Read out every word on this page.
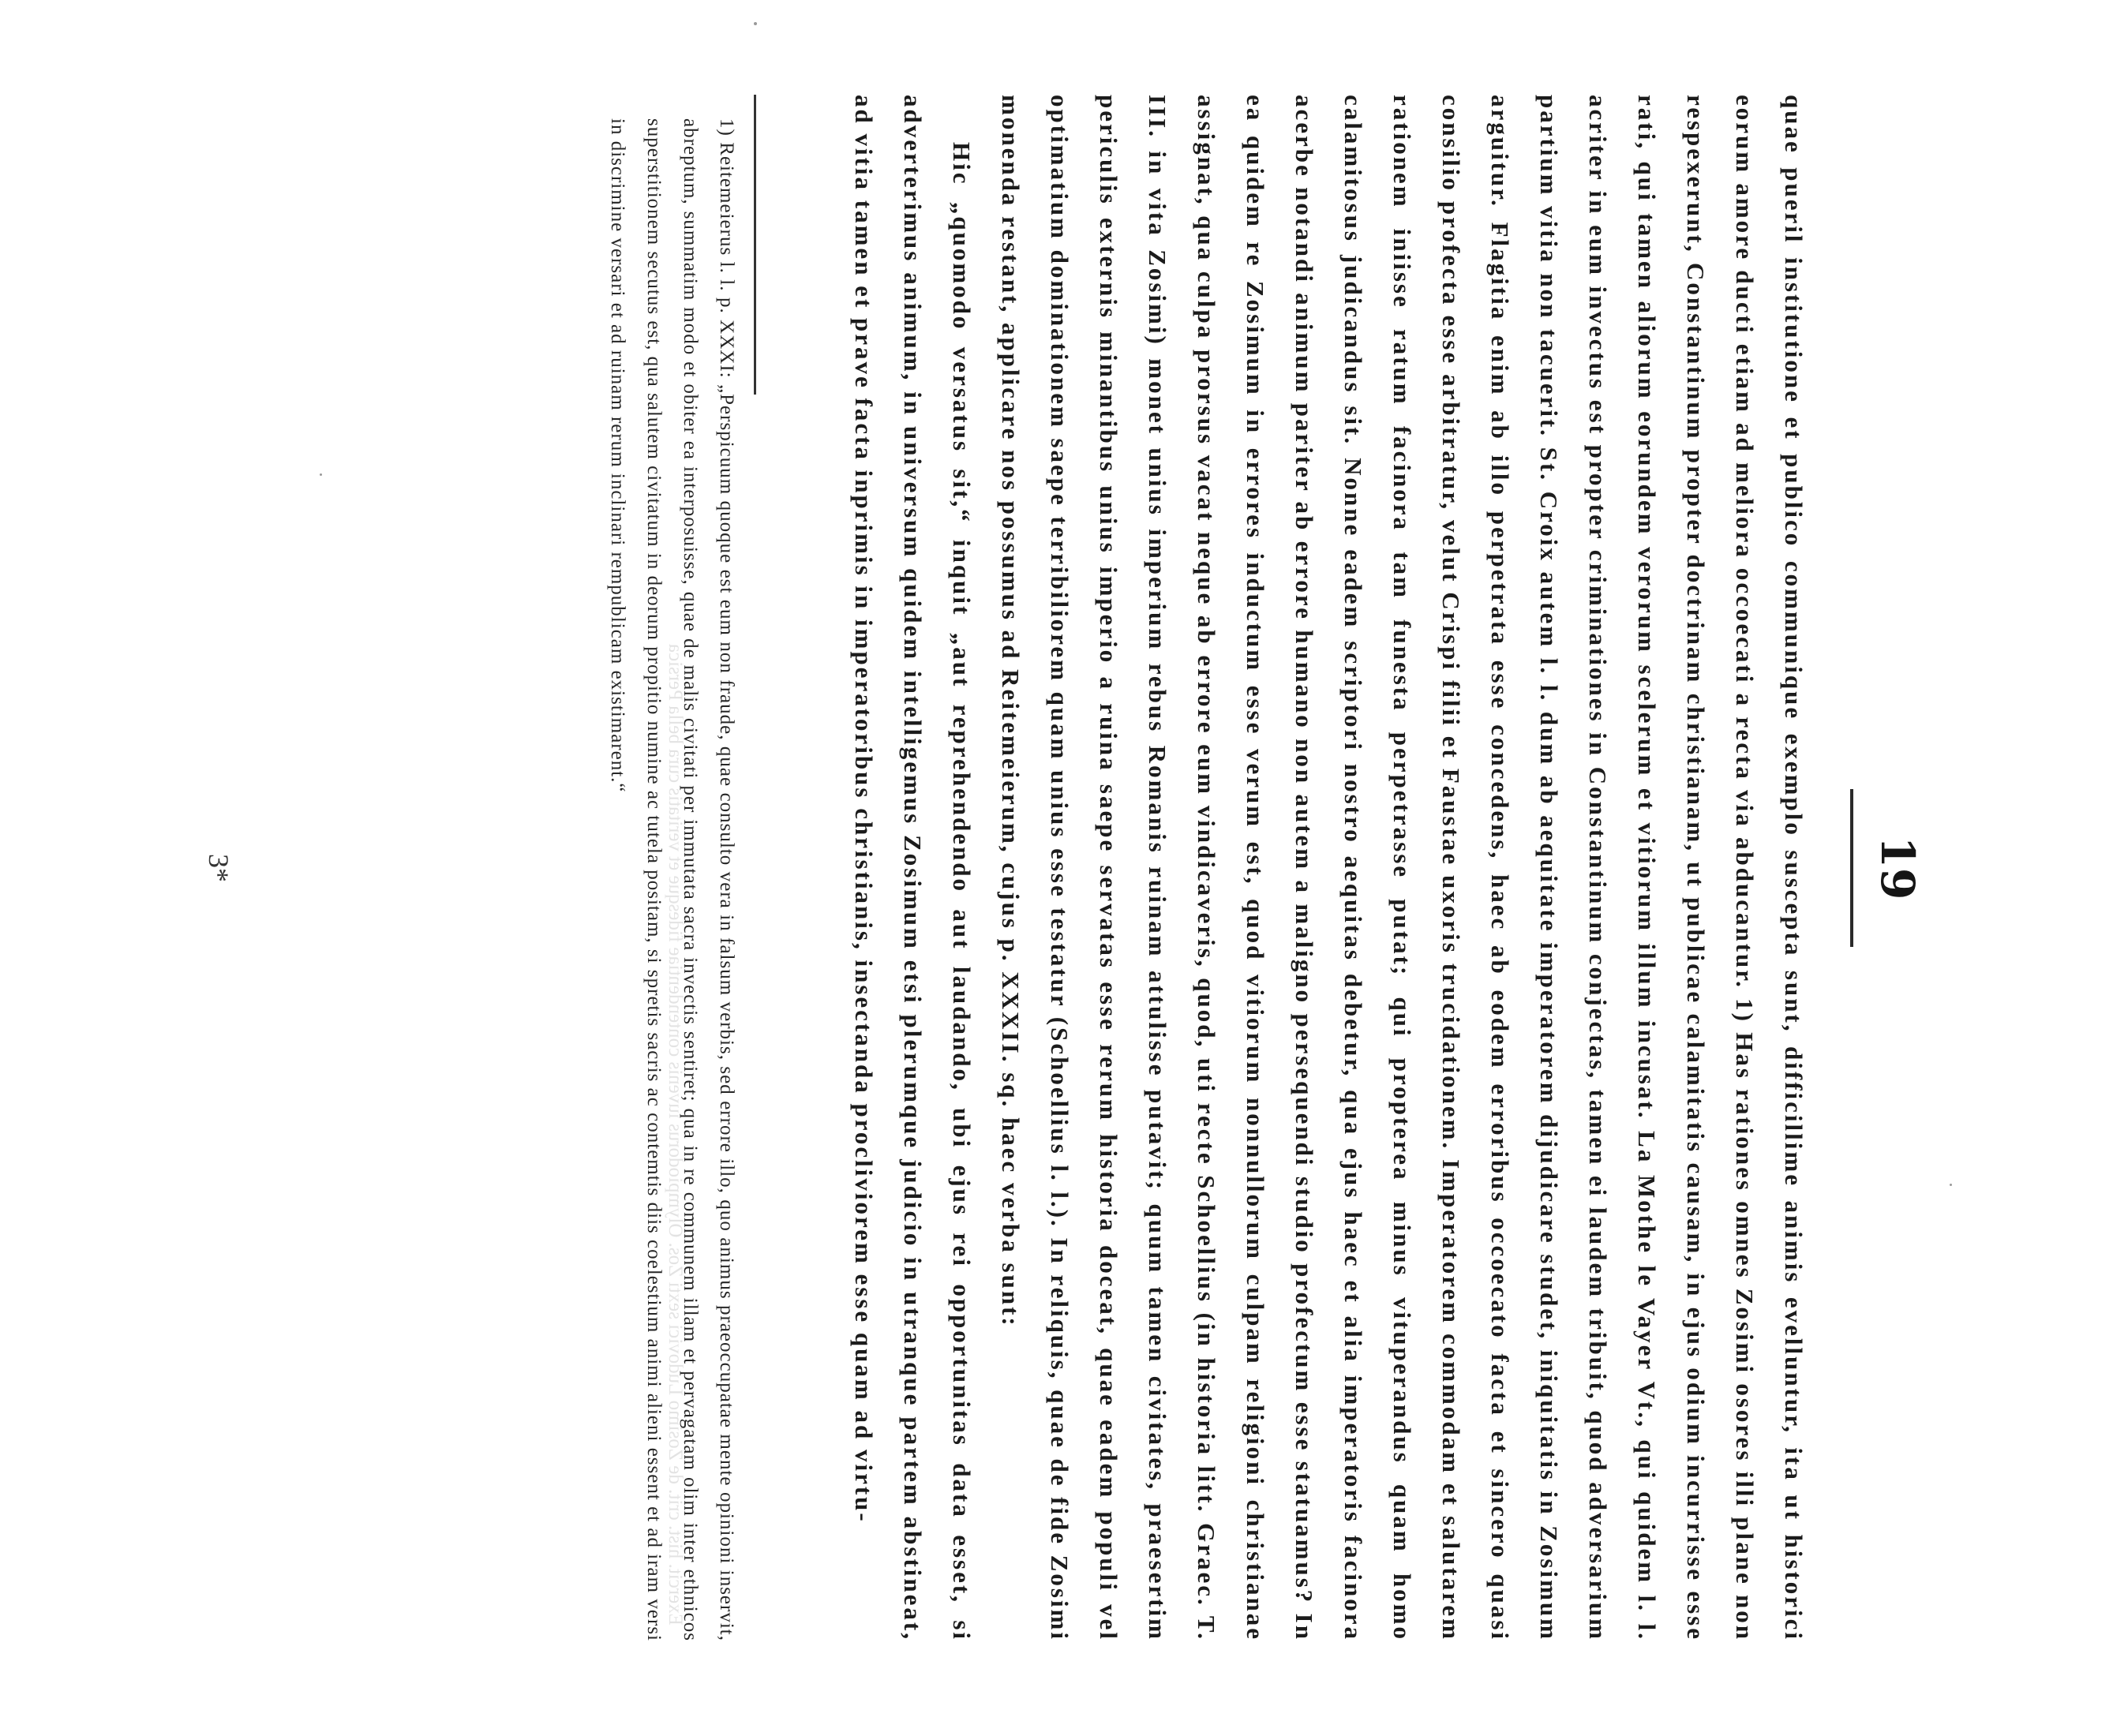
Exercit. hist. crit. de Zosimo Ludovici sexti Zos. Olympiodorus iuvenis contendentiae fidesque et veritatis cura bella Persica	19

quae pueril institutione et publico communique exemplo suscepta sunt, difficillime animis evelluntur, ita ut historici eorum amore ducti etiam ad meliora occoecati a recta via abducantur. 1) Has rationes omnes Zosimi osores illi plane non respexerunt, Constantinum propter doctrinam christianam, ut publicae calamitatis causam, in ejus odium incurrisse esse rati, qui tamen aliorum eorundem verorum scelerum et vitiorum illum incusat. La Mothe le Vayer Vt., qui quidem l. l. acriter in eum invectus est propter criminationes in Constantinum conjectas, tamen ei laudem tribuit, quod adversarium partium vitia non tacuerit. St. Croix autem l. l. dum ab aequitate imperatorem dijudicare studet, iniquitatis in Zosimum arguitur. Flagitia enim ab illo perpetrata esse concedens, haec ab eodem erroribus occoecato facta et sincero quasi consilio profecta esse arbitratur, velut Crispi filii et Faustae uxoris trucidationem. Imperatorem commodam et salutarem rationem iniisse ratum facinora tam funesta perpetrasse putat; qui propterea minus vituperandus quam homo calamitosus judicandus sit. Nonne eadem scriptori nostro aequitas debetur, qua ejus haec et alia imperatoris facinora acerbe notandi animum pariter ab errore humano non autem a maligno persequendi studio profectum esse statuamus? In ea quidem re Zosimum in errores inductum esse verum est, quod vitiorum nonnullorum culpam religioni christianae assignat, qua culpa prorsus vacat neque ab errore eum vindicaveris, quod, uti recte Schoellius (in historia litt. Graec. T. III. in vita Zosimi) monet unius imperium rebus Romanis ruinam attulisse putavit; quum tamen civitates, praesertim periculis externis minantibus unius imperio a ruina saepe servatas esse rerum historia doceat, quae eadem populi vel optimatium dominationem saepe terribiliorem quam unius esse testatur (Schoellius l. l.). In reliquis, quae de fide Zosimi monenda restant, applicare nos possumus ad Reitemeierum, cujus p. XXXII. sq. haec verba sunt:

Hic „quomodo versatus sit,“ inquit „aut reprehendendo aut laudando, ubi ejus rei opportunitas data esset, si adverterimus animum, in universum quidem intelligemus Zosimum etsi plerumque judicio in utranque partem abstineat, ad vitia tamen et prave facta inprimis in imperatoribus christianis, insectanda procliviorem esse quam ad virtu-

1) Reitemeierus l. l. p. XXXI: „Perspicuum quoque est eum non fraude, quae consulto vera in falsum verbis, sed errore illo, quo animus praeoccupatae mente opinioni inservit, abreptum, summatim modo et obiter ea interposuisse, quae de malis civitati per immutata sacra invectis sentiret; qua in re communem illam et pervagatam olim inter ethnicos superstitionem secutus est, qua salutem civitatum in deorum propitio numine ac tutela positam, si spretis sacris ac contemtis diis coelestium animi alieni essent et ad iram versi in discrimine versari et ad ruinam rerum inclinari rempublicam existimarent.“

3*
